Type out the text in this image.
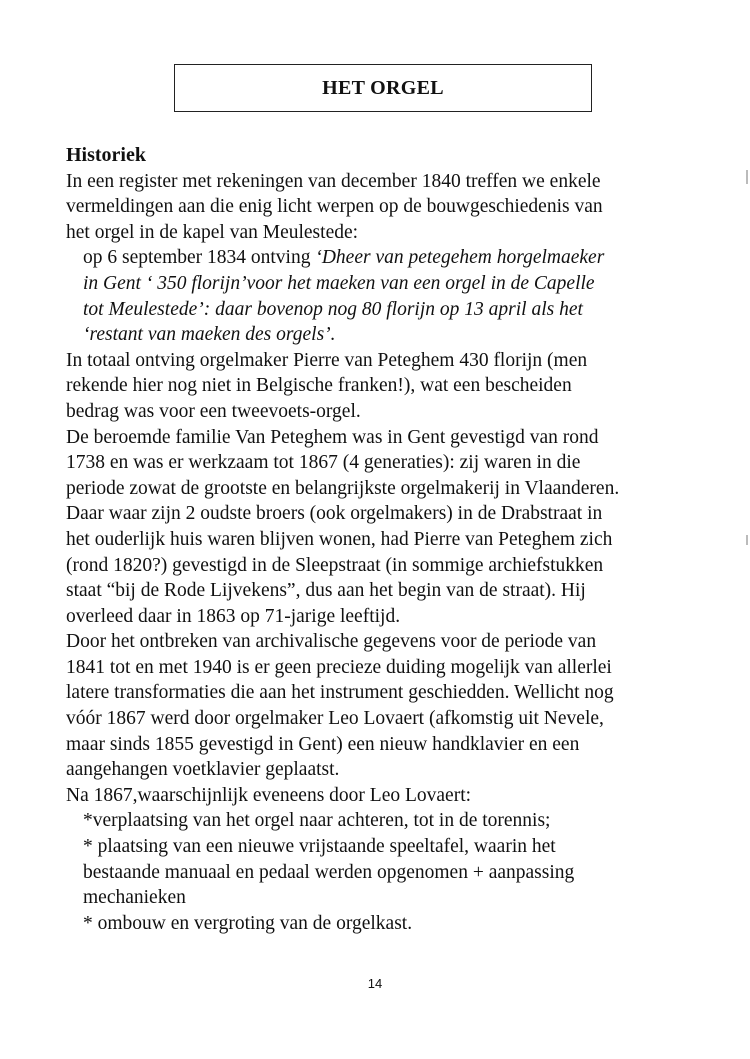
HET ORGEL
Historiek
In een register met rekeningen van december 1840 treffen we enkele
vermeldingen aan die enig licht werpen op de bouwgeschiedenis van
het orgel in de kapel van Meulestede:
op 6 september 1834 ontving ‘Dheer van petegehem horgelmaeker
in Gent ‘ 350 florijn’voor het maeken van een orgel in de Capelle
tot Meulestede’: daar bovenop nog 80 florijn op 13 april als het
‘restant van maeken des orgels’.
In totaal ontving orgelmaker Pierre van Peteghem 430 florijn (men
rekende hier nog niet in Belgische franken!), wat een bescheiden
bedrag was voor een tweevoets-orgel.
De beroemde familie Van Peteghem was in Gent gevestigd van rond
1738 en was er werkzaam tot 1867 (4 generaties): zij waren in die
periode zowat de grootste en belangrijkste orgelmakerij in Vlaanderen.
Daar waar zijn 2 oudste broers (ook orgelmakers) in de Drabstraat in
het ouderlijk huis waren blijven wonen, had Pierre van Peteghem zich
(rond 1820?) gevestigd in de Sleepstraat (in sommige archiefstukken
staat “bij de Rode Lijvekens”, dus aan het begin van de straat). Hij
overleed daar in 1863 op 71-jarige leeftijd.
Door het ontbreken van archivalische gegevens voor de periode van
1841 tot en met 1940 is er geen precieze duiding mogelijk van allerlei
latere transformaties die aan het instrument geschiedden. Wellicht nog
vóór 1867 werd door orgelmaker Leo Lovaert (afkomstig uit Nevele,
maar sinds 1855 gevestigd in Gent) een nieuw handklavier en een
aangehangen voetklavier geplaatst.
Na 1867,waarschijnlijk eveneens door Leo Lovaert:
*verplaatsing van het orgel naar achteren, tot in de torennis;
* plaatsing van een nieuwe vrijstaande speeltafel, waarin het
bestaande manuaal en pedaal werden opgenomen + aanpassing
mechanieken
* ombouw en vergroting van de orgelkast.
14
